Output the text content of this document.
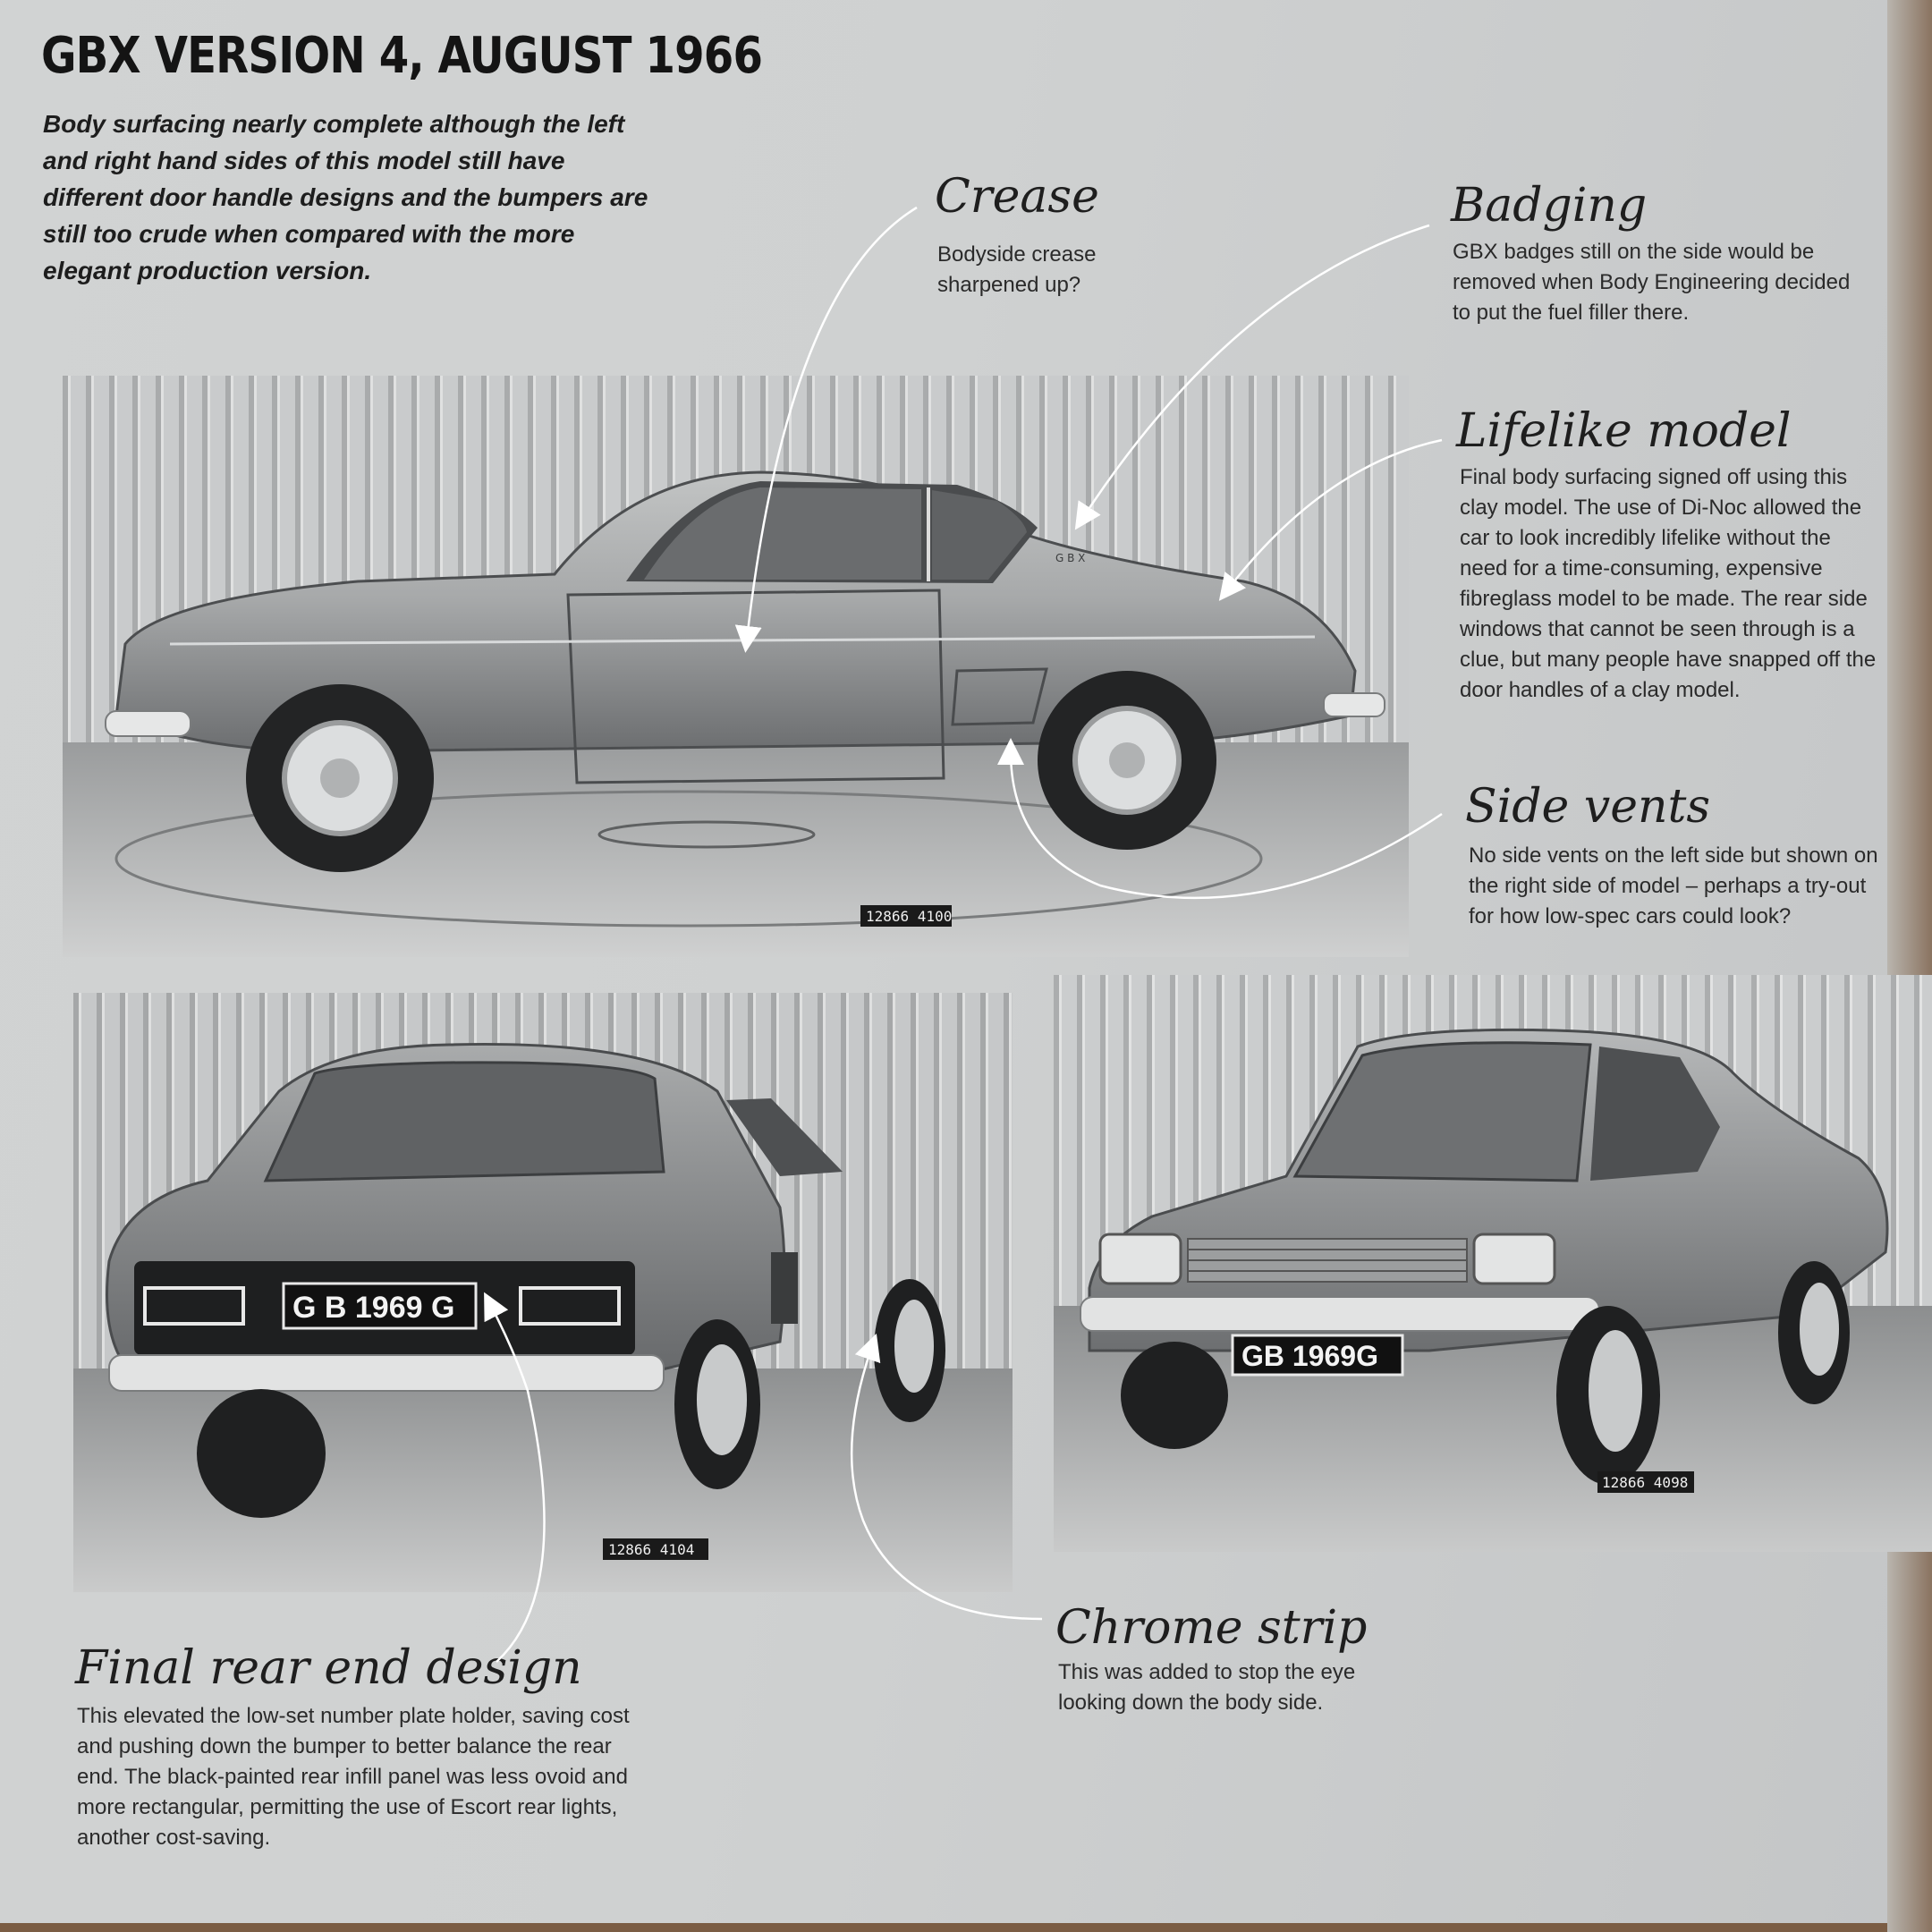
GBX VERSION 4, AUGUST 1966
Body surfacing nearly complete although the left and right hand sides of this model still have different door handle designs and the bumpers are still too crude when compared with the more elegant production version.
Crease
Bodyside crease sharpened up?
Badging
GBX badges still on the side would be removed when Body Engineering decided to put the fuel filler there.
Lifelike model
Final body surfacing signed off using this clay model. The use of Di-Noc allowed the car to look incredibly lifelike without the need for a time-consuming, expensive fibreglass model to be made. The rear side windows that cannot be seen through is a clue, but many people have snapped off the door handles of a clay model.
Side vents
No side vents on the left side but shown on the right side of model – perhaps a try-out for how low-spec cars could look?
Final rear end design
This elevated the low-set number plate holder, saving cost and pushing down the bumper to better balance the rear end. The black-painted rear infill panel was less ovoid and more rectangular, permitting the use of Escort rear lights, another cost-saving.
Chrome strip
This was added to stop the eye looking down the body side.
G B X
12866 4100
G B 1969 G
12866 4104
GB 1969G
12866 4098
